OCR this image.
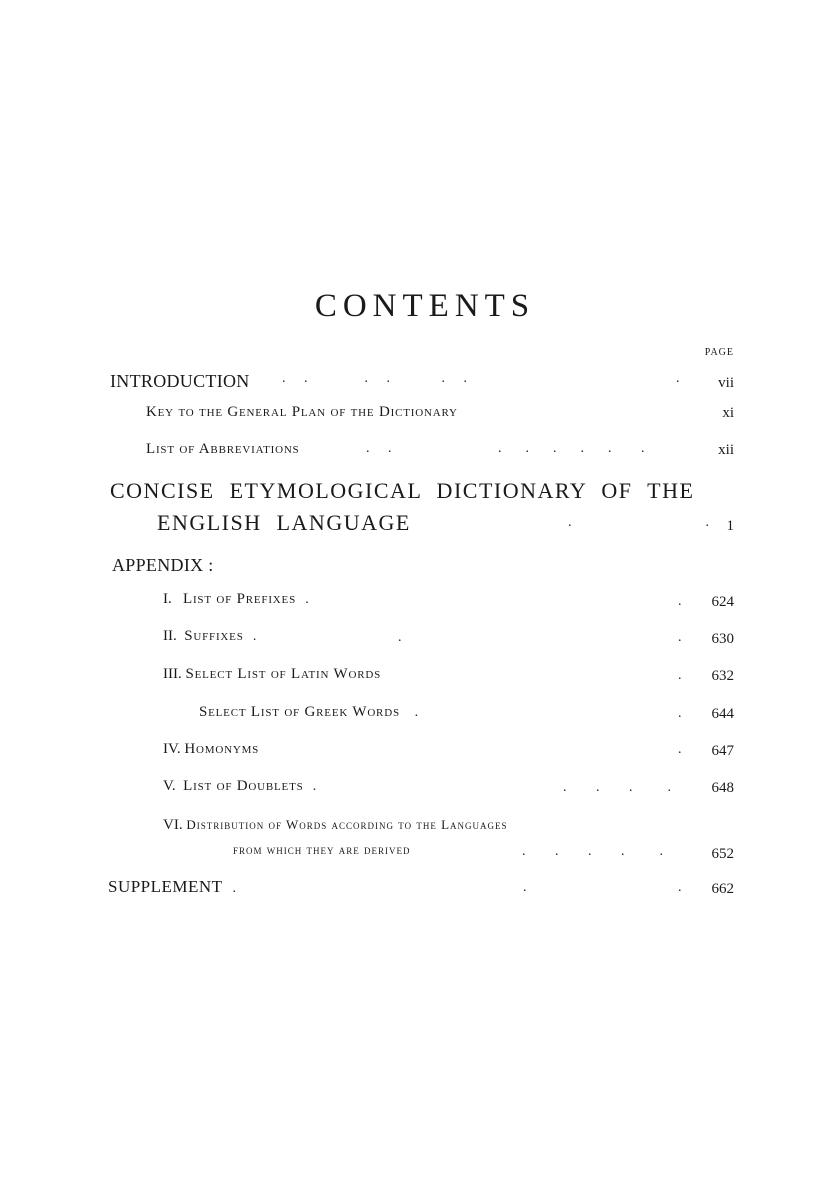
CONTENTS
PAGE
INTRODUCTION .   .          .   .         .   .	. vii
Key to the General Plan of the Dictionary	xi
List of Abbreviations	.   .                   .    .    .    .    .     .	xii
CONCISE ETYMOLOGICAL DICTIONARY OF THE
ENGLISH LANGUAGE	.                        . 1
APPENDIX :
I. List of Prefixes  .	. 624
II. Suffixes  .	.	. 630
III. Select List of Latin Words	. 632
Select List of Greek Words   .	. 644
IV. Homonyms	. 647
V. List of Doublets  .	.     .     .      .	648
VI. Distribution of Words according to the Languages
from which they are derived	.     .     .     .      .	652
SUPPLEMENT  .	.	. 662
